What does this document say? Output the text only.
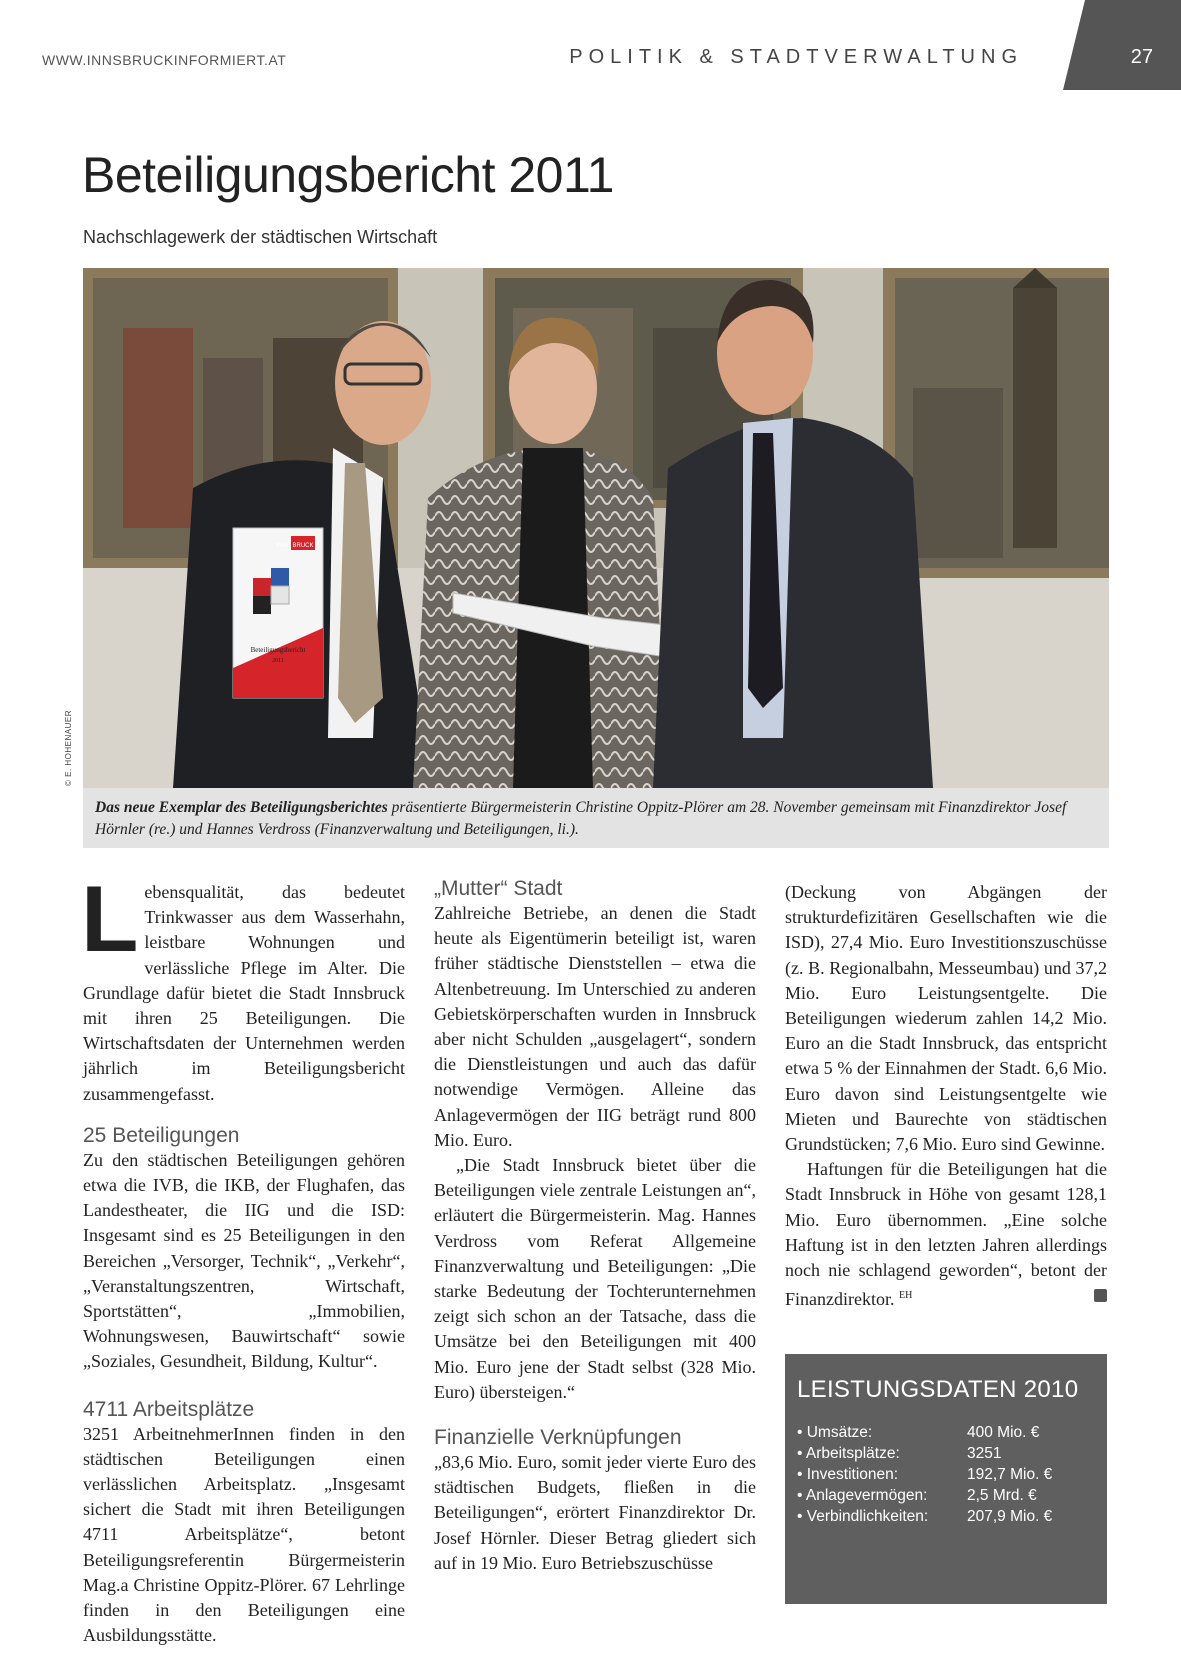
WWW.INNSBRUCKINFORMIERT.AT	POLITIK & STADTVERWALTUNG	27
Beteiligungsbericht 2011
Nachschlagewerk der städtischen Wirtschaft
INNS BRUCK
Beteiligungsbericht
2011
© E. HOHENAUER
Das neue Exemplar des Beteiligungsberichtes präsentierte Bürgermeisterin Christine Oppitz-Plörer am 28. November gemeinsam mit Finanzdirektor Josef Hörnler (re.) und Hannes Verdross (Finanzverwaltung und Beteiligungen, li.).

Lebensqualität, das bedeutet Trinkwasser aus dem Wasserhahn, leistbare Wohnungen und verlässliche Pflege im Alter. Die Grundlage dafür bietet die Stadt Innsbruck mit ihren 25 Beteiligungen. Die Wirtschaftsdaten der Unternehmen werden jährlich im Beteiligungsbericht zusammengefasst.

25 Beteiligungen

Zu den städtischen Beteiligungen gehören etwa die IVB, die IKB, der Flughafen, das Landestheater, die IIG und die ISD: Insgesamt sind es 25 Beteiligungen in den Bereichen „Versorger, Technik“, „Verkehr“, „Veranstaltungszentren, Wirtschaft, Sportstätten“, „Immobilien, Wohnungswesen, Bauwirtschaft“ sowie „Soziales, Gesundheit, Bildung, Kultur“.

4711 Arbeitsplätze

3251 ArbeitnehmerInnen finden in den städtischen Beteiligungen einen verlässlichen Arbeitsplatz. „Insgesamt sichert die Stadt mit ihren Beteiligungen 4711 Arbeitsplätze“, betont Beteiligungsreferentin Bürgermeisterin Mag.a Christine Oppitz-Plörer. 67 Lehrlinge finden in den Beteiligungen eine Ausbildungsstätte.

„Mutter“ Stadt

Zahlreiche Betriebe, an denen die Stadt heute als Eigentümerin beteiligt ist, waren früher städtische Dienststellen – etwa die Altenbetreuung. Im Unterschied zu anderen Gebietskörperschaften wurden in Innsbruck aber nicht Schulden „ausgelagert“, sondern die Dienstleistungen und auch das dafür notwendige Vermögen. Alleine das Anlagevermögen der IIG beträgt rund 800 Mio. Euro.

„Die Stadt Innsbruck bietet über die Beteiligungen viele zentrale Leistungen an“, erläutert die Bürgermeisterin. Mag. Hannes Verdross vom Referat Allgemeine Finanzverwaltung und Beteiligungen: „Die starke Bedeutung der Tochterunternehmen zeigt sich schon an der Tatsache, dass die Umsätze bei den Beteiligungen mit 400 Mio. Euro jene der Stadt selbst (328 Mio. Euro) übersteigen.“

Finanzielle Verknüpfungen

„83,6 Mio. Euro, somit jeder vierte Euro des städtischen Budgets, fließen in die Beteiligungen“, erörtert Finanzdirektor Dr. Josef Hörnler. Dieser Betrag gliedert sich auf in 19 Mio. Euro Betriebszuschüsse

(Deckung von Abgängen der strukturdefizitären Gesellschaften wie die ISD), 27,4 Mio. Euro Investitionszuschüsse (z. B. Regionalbahn, Messeumbau) und 37,2 Mio. Euro Leistungsentgelte. Die Beteiligungen wiederum zahlen 14,2 Mio. Euro an die Stadt Innsbruck, das entspricht etwa 5 % der Einnahmen der Stadt. 6,6 Mio. Euro davon sind Leistungsentgelte wie Mieten und Baurechte von städtischen Grundstücken; 7,6 Mio. Euro sind Gewinne.

Haftungen für die Beteiligungen hat die Stadt Innsbruck in Höhe von gesamt 128,1 Mio. Euro übernommen. „Eine solche Haftung ist in den letzten Jahren allerdings noch nie schlagend geworden“, betont der Finanzdirektor. $^{EH}$

LEISTUNGSDATEN 2010
• Umsätze:	400 Mio. €
• Arbeitsplätze:	3251
• Investitionen:	192,7 Mio. €
• Anlagevermögen:	2,5 Mrd. €
• Verbindlichkeiten:	207,9 Mio. €
